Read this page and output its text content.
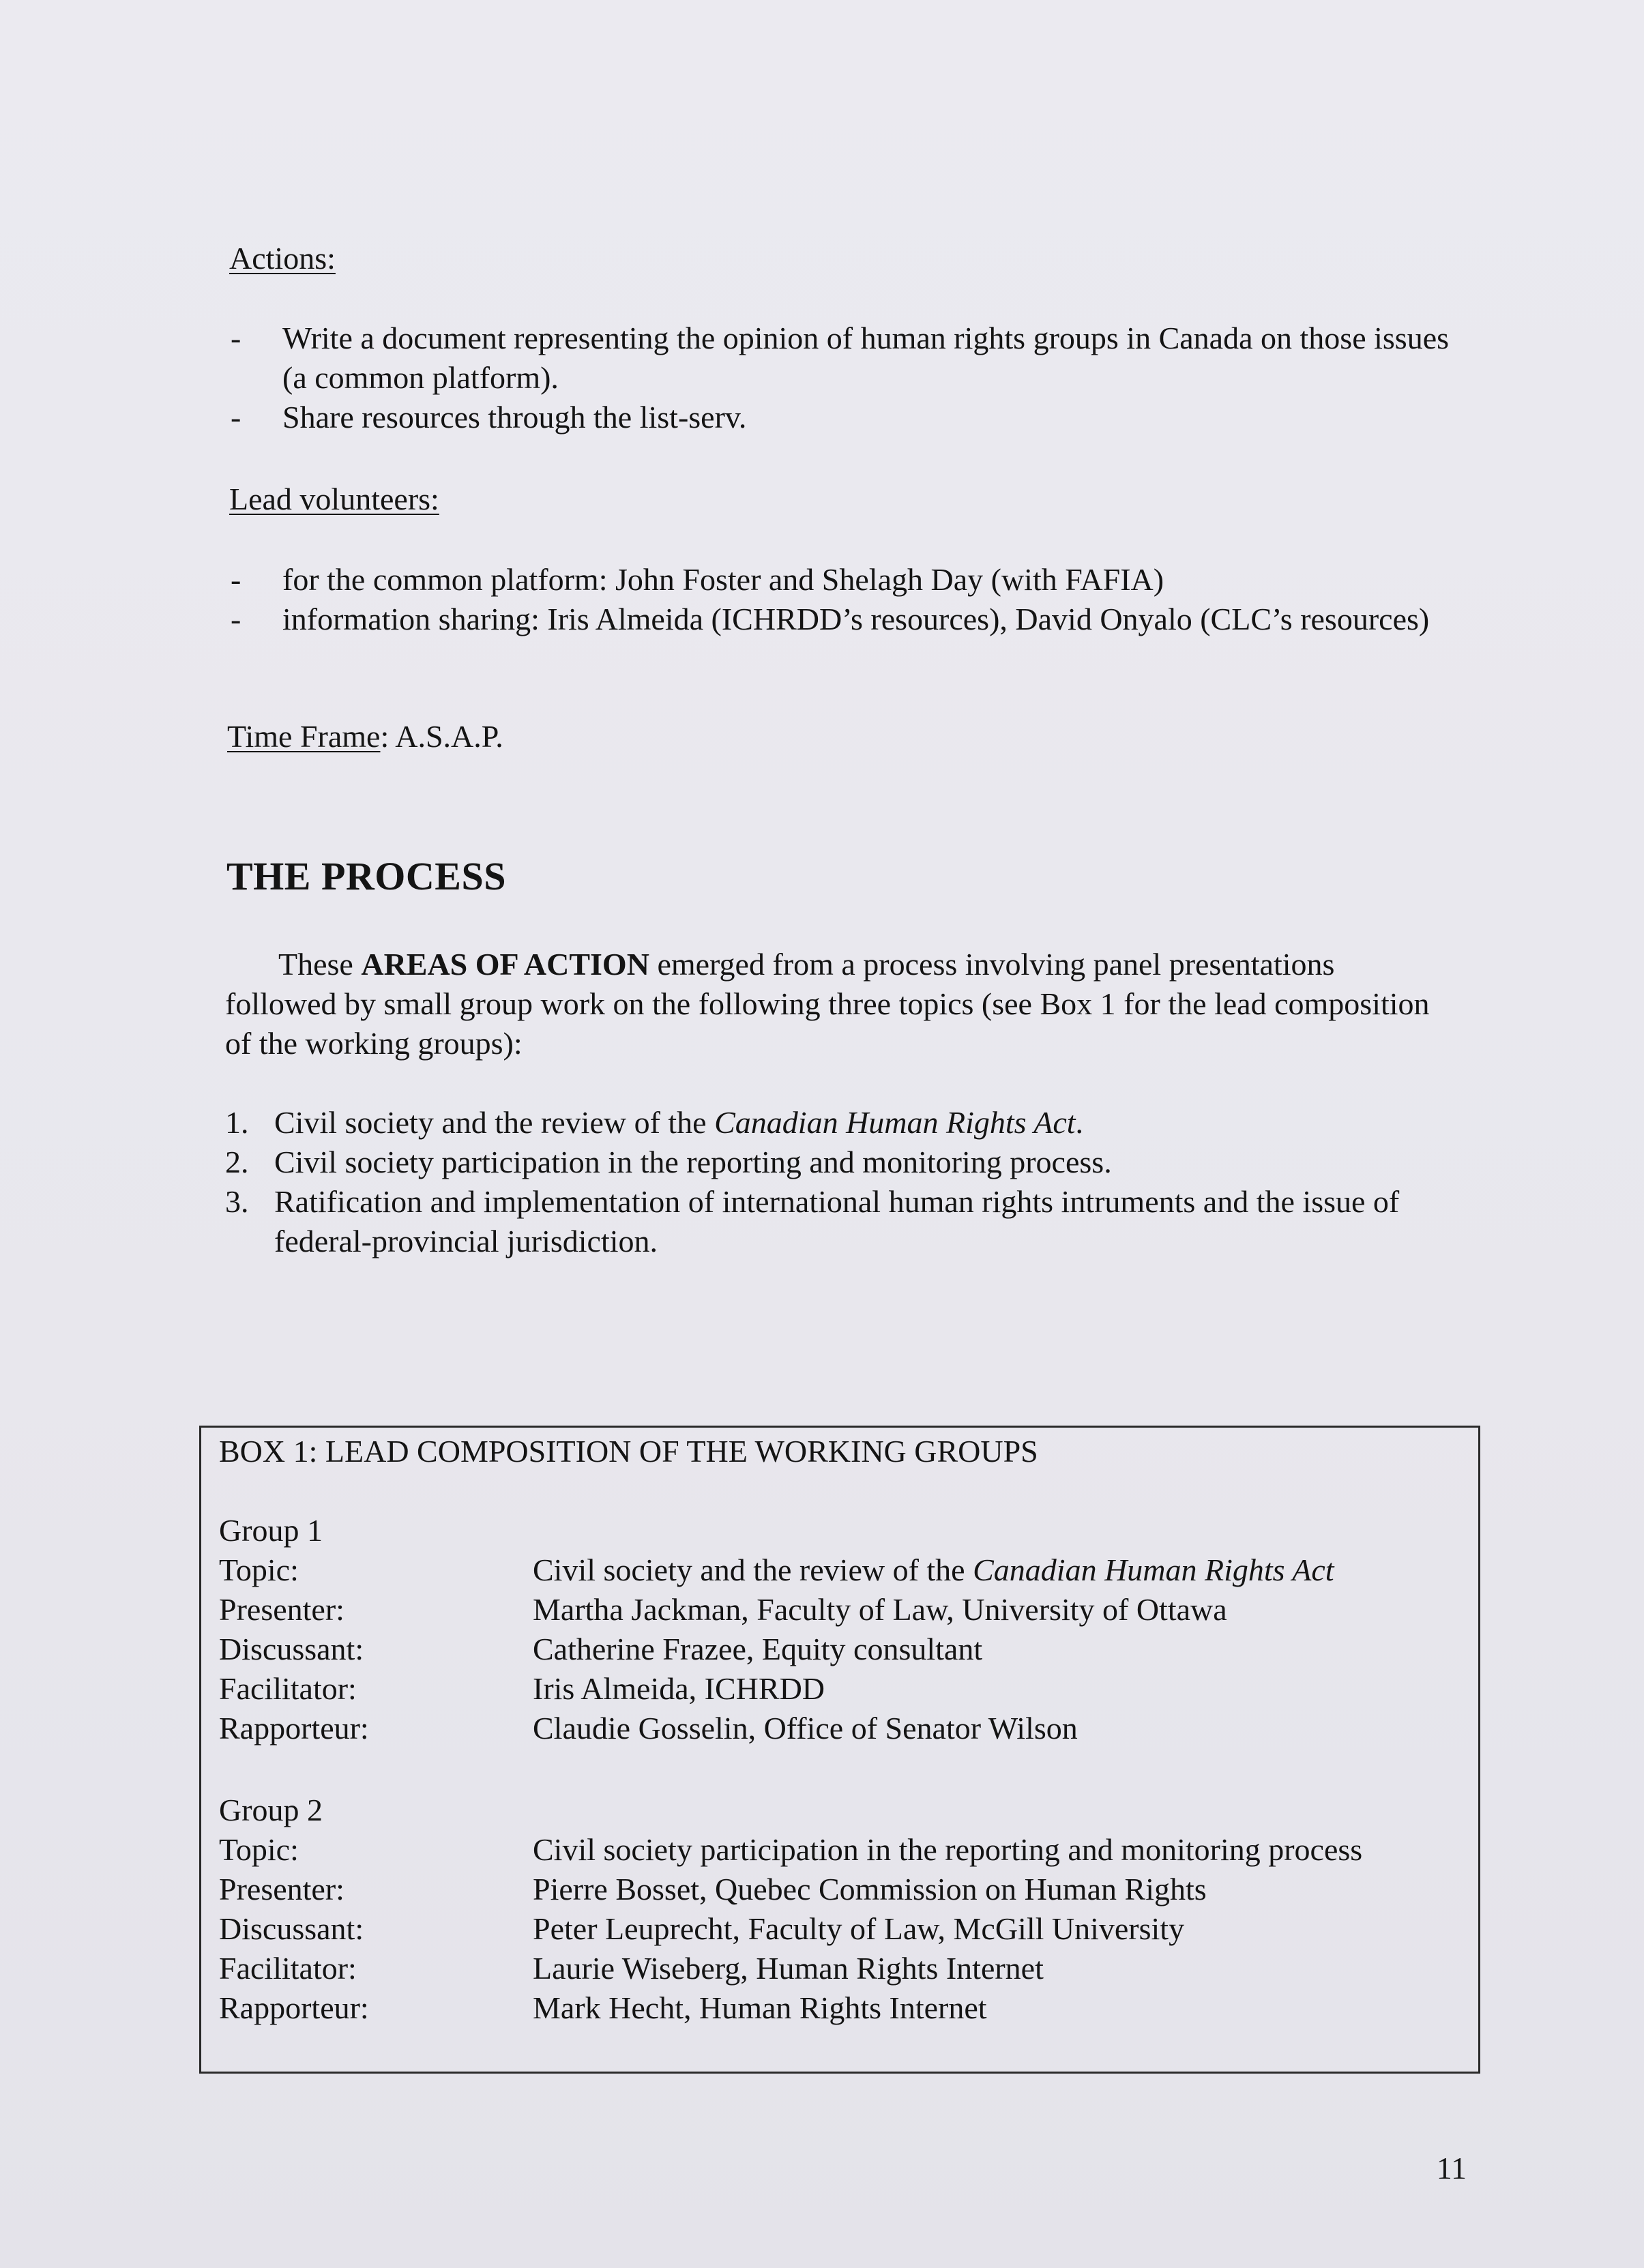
Actions:
-	Write a document representing the opinion of human rights groups in Canada on those issues (a common platform).
-	Share resources through the list-serv.
Lead volunteers:
-	for the common platform: John Foster and Shelagh Day (with FAFIA)
-	information sharing: Iris Almeida (ICHRDD’s resources), David Onyalo (CLC’s resources)
Time Frame: A.S.A.P.
THE PROCESS
These AREAS OF ACTION emerged from a process involving panel presentations followed by small group work on the following three topics (see Box 1 for the lead composition of the working groups):
1. Civil society and the review of the Canadian Human Rights Act.
2. Civil society participation in the reporting and monitoring process.
3. Ratification and implementation of international human rights intruments and the issue of federal-provincial jurisdiction.
BOX 1: LEAD COMPOSITION OF THE WORKING GROUPS
Group 1
Topic:	Civil society and the review of the Canadian Human Rights Act
Presenter:	Martha Jackman, Faculty of Law, University of Ottawa
Discussant:	Catherine Frazee, Equity consultant
Facilitator:	Iris Almeida, ICHRDD
Rapporteur:	Claudie Gosselin, Office of Senator Wilson
Group 2
Topic:	Civil society participation in the reporting and monitoring process
Presenter:	Pierre Bosset, Quebec Commission on Human Rights
Discussant:	Peter Leuprecht, Faculty of Law, McGill University
Facilitator:	Laurie Wiseberg, Human Rights Internet
Rapporteur:	Mark Hecht, Human Rights Internet
11
